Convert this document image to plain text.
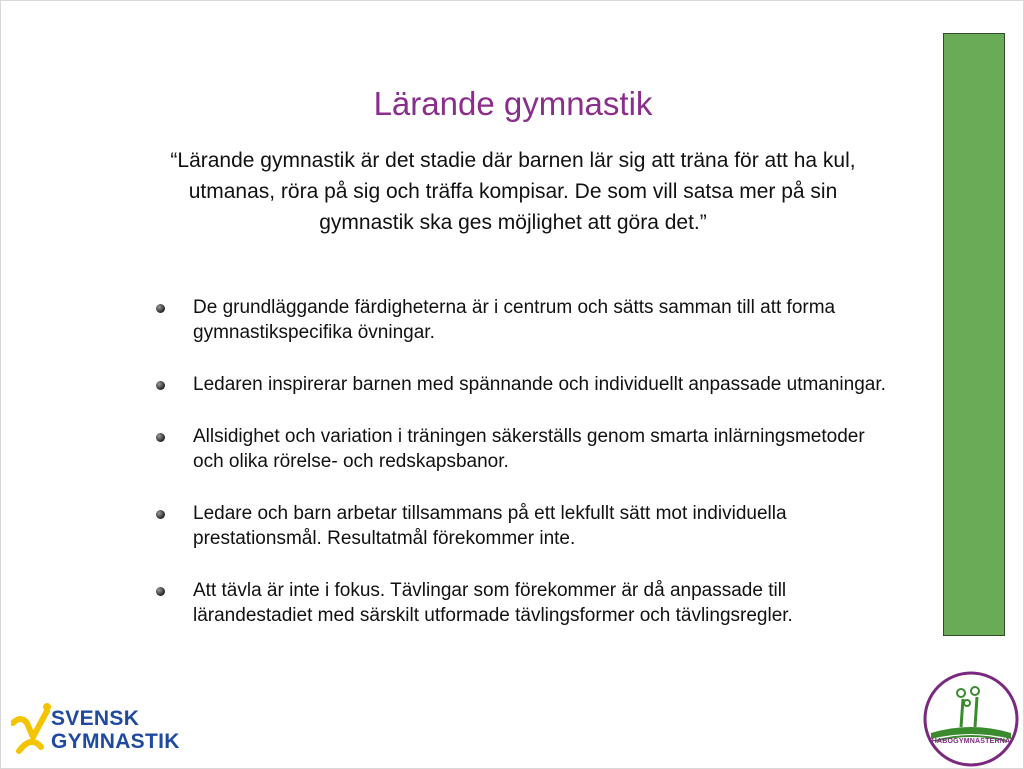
Lärande gymnastik

“Lärande gymnastik är det stadie där barnen lär sig att träna för att ha kul, utmanas, röra på sig och träffa kompisar. De som vill satsa mer på sin gymnastik ska ges möjlighet att göra det.”

De grundläggande färdigheterna är i centrum och sätts samman till att forma gymnastikspecifika övningar.
Ledaren inspirerar barnen med spännande och individuellt anpassade utmaningar.
Allsidighet och variation i träningen säkerställs genom smarta inlärningsmetoder och olika rörelse- och redskapsbanor.
Ledare och barn arbetar tillsammans på ett lekfullt sätt mot individuella prestationsmål. Resultatmål förekommer inte.
Att tävla är inte i fokus. Tävlingar som förekommer är då anpassade till lärandestadiet med särskilt utformade tävlingsformer och tävlingsregler.
SVENSK
GYMNASTIK	HABOGYMNASTERNA
